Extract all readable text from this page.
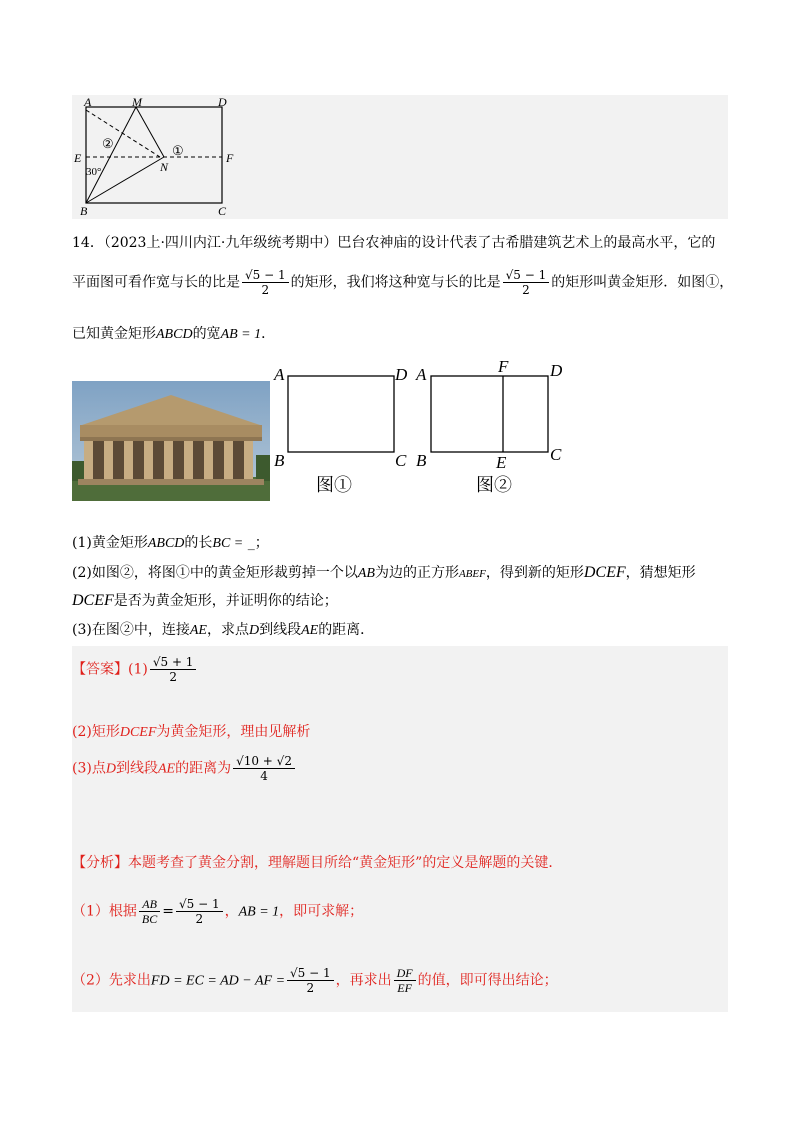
A	M	D
E	F
N
B	C
①
②
30°
14．（2023上·四川内江·九年级统考期中）巴台农神庙的设计代表了古希腊建筑艺术上的最高水平，它的
平面图可看作宽与长的比是 $\frac{√5 - 1}{2}$ 的矩形，我们将这种宽与长的比是 $\frac{√5 - 1}{2}$ 的矩形叫黄金矩形．如图①，
已知黄金矩形ABCD的宽AB = 1．
A	D
B	C
图①
A	F D
B	E	C
图②
(1)黄金矩形ABCD的长BC = _；
(2)如图②，将图①中的黄金矩形裁剪掉一个以AB为边的正方形ABEF，得到新的矩形DCEF，猜想矩形
DCEF是否为黄金矩形，并证明你的结论；
(3)在图②中，连接AE，求点D到线段AE的距离．
【答案】$(1) \frac{√5 + 1}{2}$
(2)矩形DCEF为黄金矩形，理由见解析
(3)点D到线段AE的距离为 $\frac{√10 + √2}{4}$
【分析】本题考查了黄金分割，理解题目所给“黄金矩形”的定义是解题的关键．
（1）根据 $\frac{AB}{BC} = \frac{√5 - 1}{2}$ ，AB = 1，即可求解；
（2）先求出FD = EC = AD − AF = $\frac{√5 - 1}{2}$ ，再求出 $\frac{DF}{EF}$ 的值，即可得出结论；
